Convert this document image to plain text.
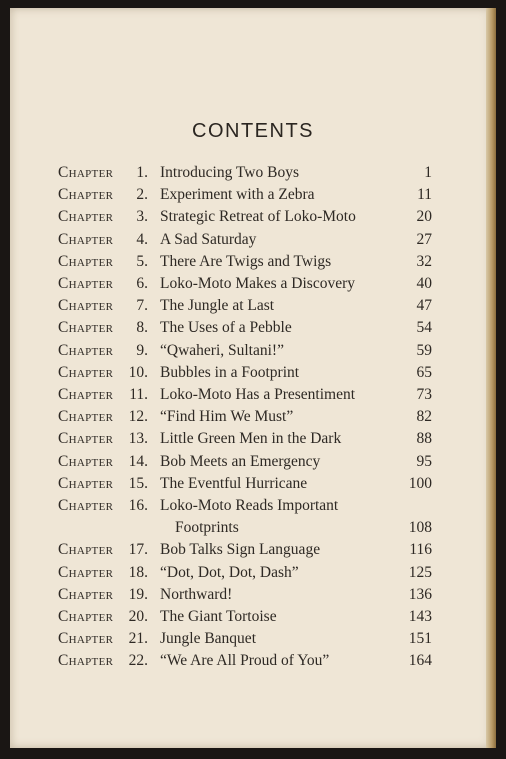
CONTENTS
Chapter	1. Introducing Two Boys	1
Chapter	2. Experiment with a Zebra	11
Chapter	3. Strategic Retreat of Loko-Moto	20
Chapter	4. A Sad Saturday	27
Chapter	5. There Are Twigs and Twigs	32
Chapter	6. Loko-Moto Makes a Discovery	40
Chapter	7. The Jungle at Last	47
Chapter	8. The Uses of a Pebble	54
Chapter	9. “Qwaheri, Sultani!”	59
Chapter 10. Bubbles in a Footprint	65
Chapter	11. Loko-Moto Has a Presentiment	73
Chapter 12. “Find Him We Must”	82
Chapter 13. Little Green Men in the Dark	88
Chapter 14. Bob Meets an Emergency	95
Chapter 15. The Eventful Hurricane	100
Chapter 16. Loko-Moto Reads Important
Footprints	108
Chapter 17. Bob Talks Sign Language	116
Chapter 18. “Dot, Dot, Dot, Dash”	125
Chapter 19. Northward!	136
Chapter 20. The Giant Tortoise	143
Chapter 21. Jungle Banquet	151
Chapter 22. “We Are All Proud of You”	164
